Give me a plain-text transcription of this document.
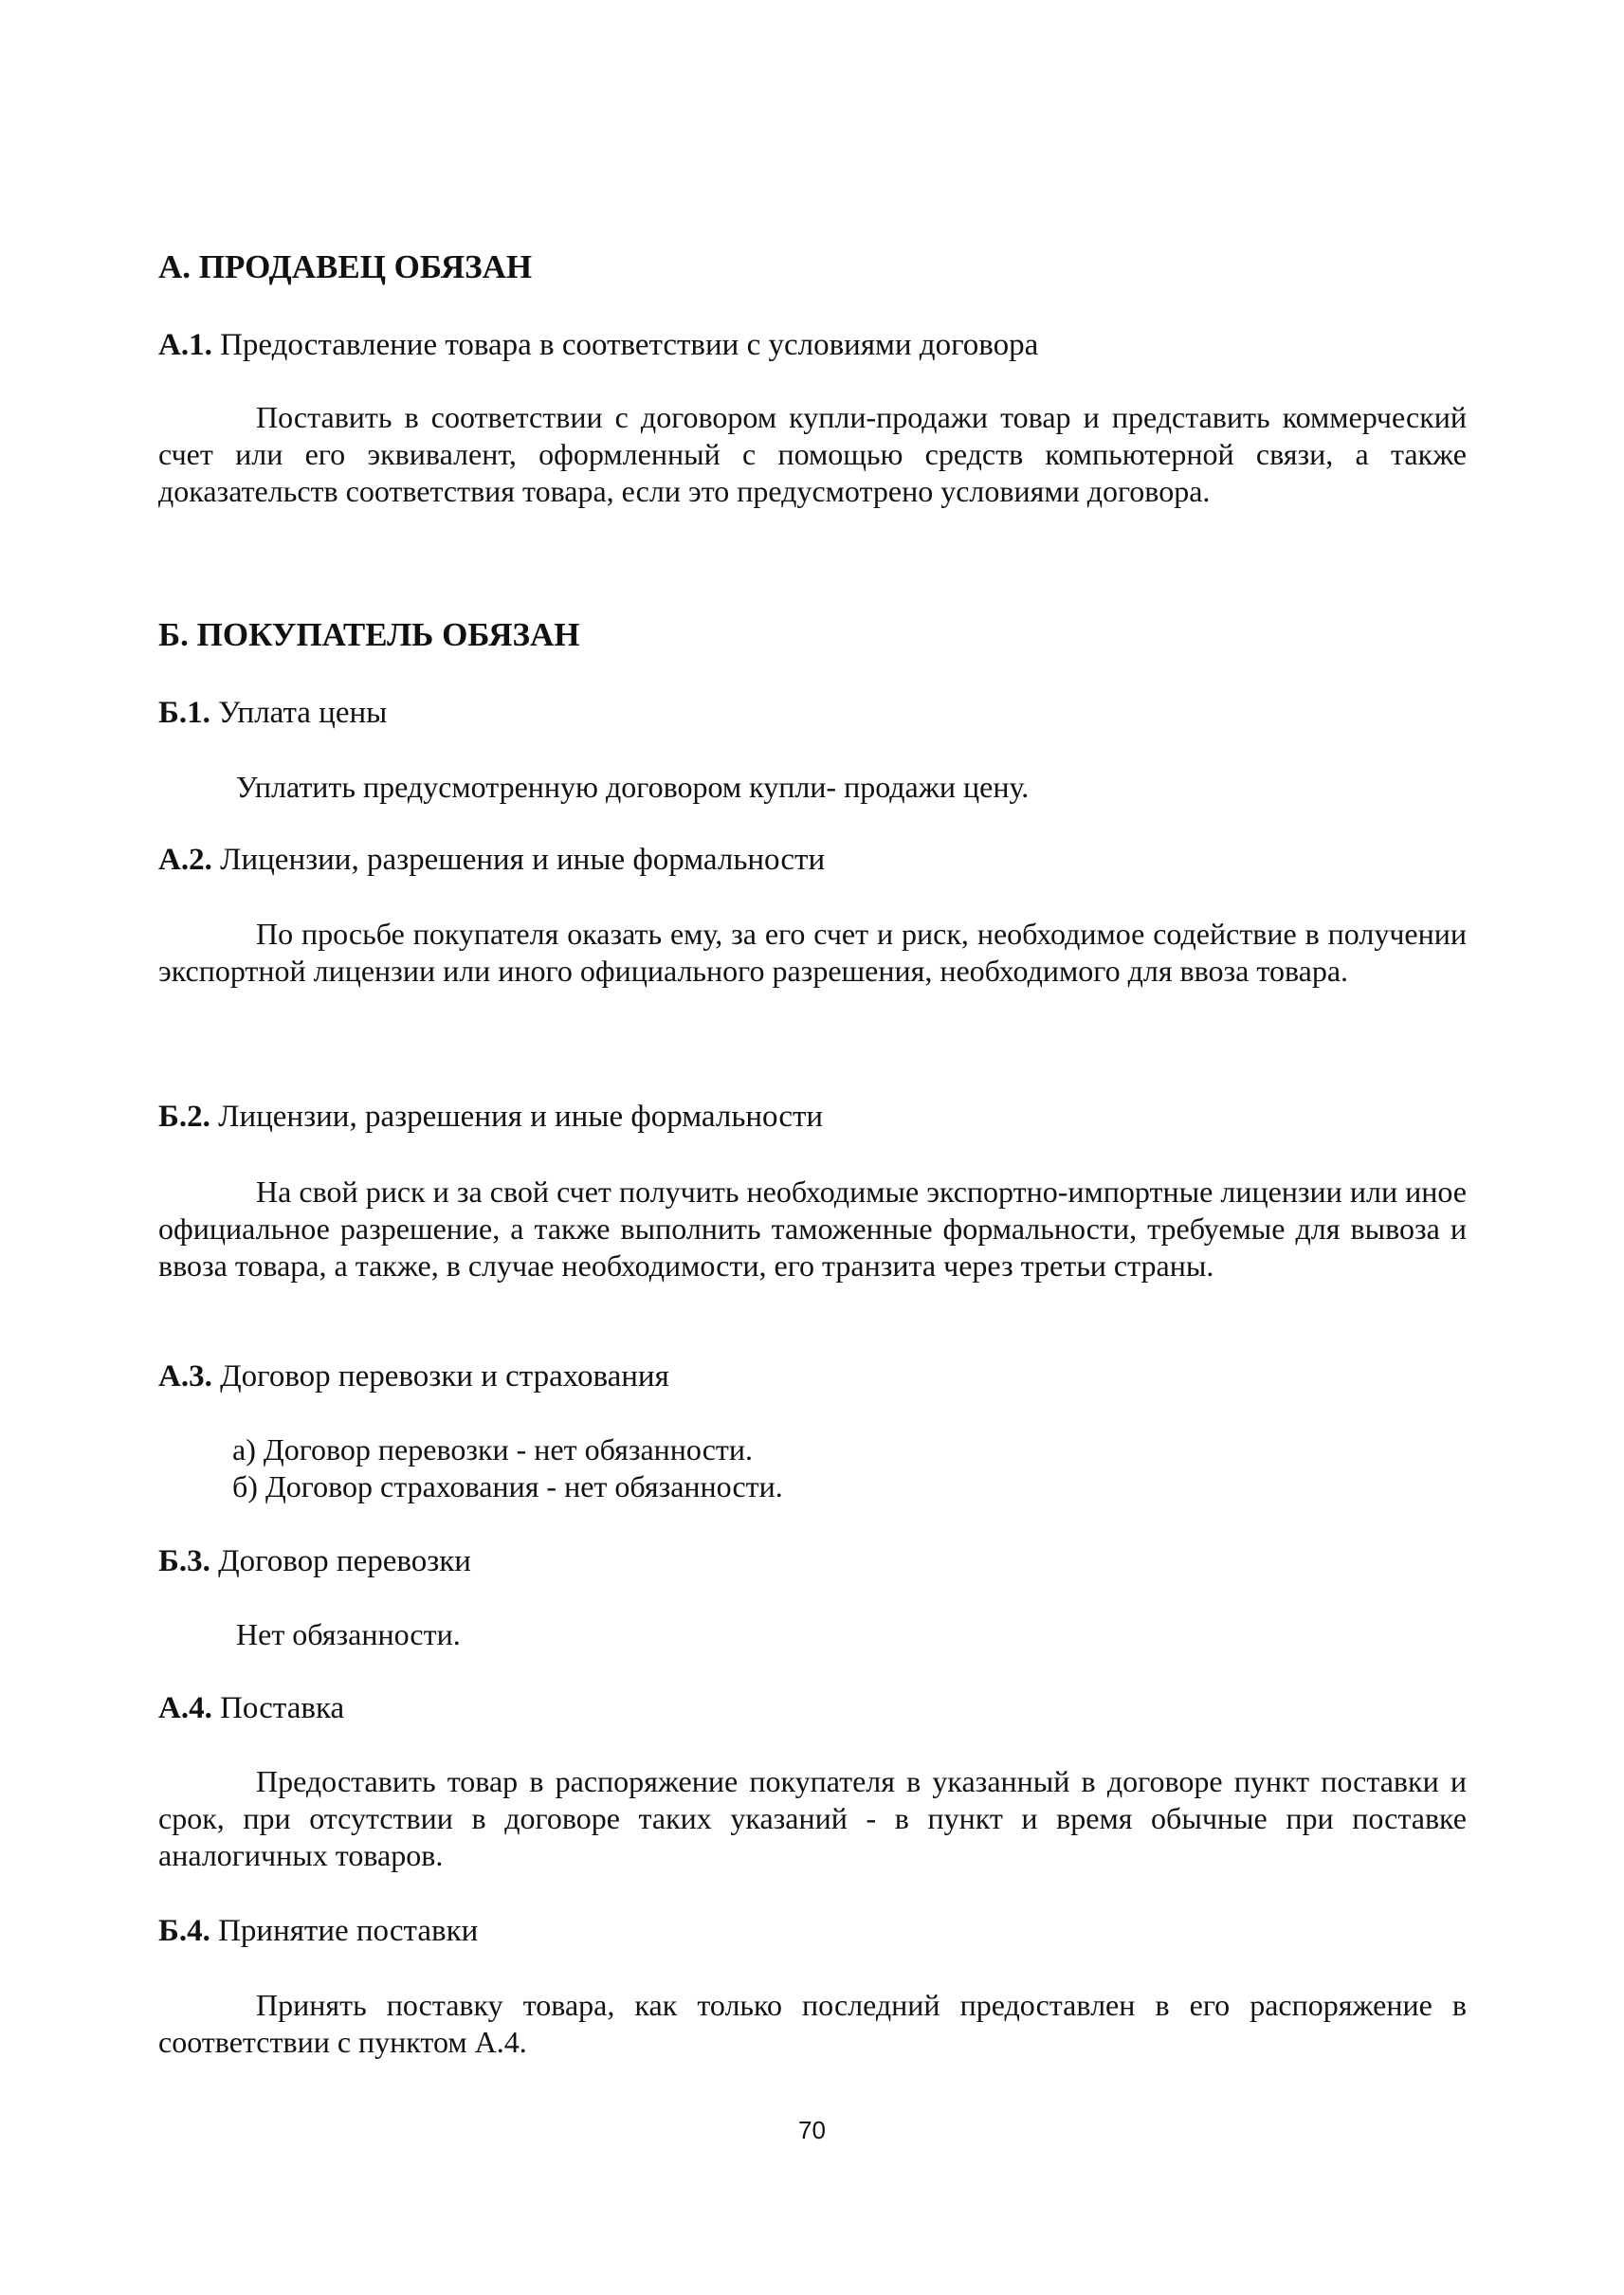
А. ПРОДАВЕЦ ОБЯЗАН
А.1. Предоставление товара в соответствии с условиями договора

Поставить в соответствии с договором купли-продажи товар и представить коммерческий счет или его эквивалент, оформленный с помощью средств компьютерной связи, а также доказательств соответствия товара, если это предусмотрено условиями договора.

Б. ПОКУПАТЕЛЬ ОБЯЗАН
Б.1. Уплата цены

Уплатить предусмотренную договором купли- продажи цену.

А.2. Лицензии, разрешения и иные формальности

По просьбе покупателя оказать ему, за его счет и риск, необходимое содействие в получении экспортной лицензии или иного официального разрешения, необходимого для ввоза товара.

Б.2. Лицензии, разрешения и иные формальности

На свой риск и за свой счет получить необходимые экспортно-импортные лицензии или иное официальное разрешение, а также выполнить таможенные формальности, требуемые для вывоза и ввоза товара, а также, в случае необходимости, его транзита через третьи страны.

А.3. Договор перевозки и страхования
а) Договор перевозки - нет обязанности.
б) Договор страхования - нет обязанности.
Б.3. Договор перевозки

Нет обязанности.

А.4. Поставка

Предоставить товар в распоряжение покупателя в указанный в договоре пункт поставки и срок, при отсутствии в договоре таких указаний - в пункт и время обычные при поставке аналогичных товаров.

Б.4. Принятие поставки

Принять поставку товара, как только последний предоставлен в его распоряжение в соответствии с пунктом А.4.

70
